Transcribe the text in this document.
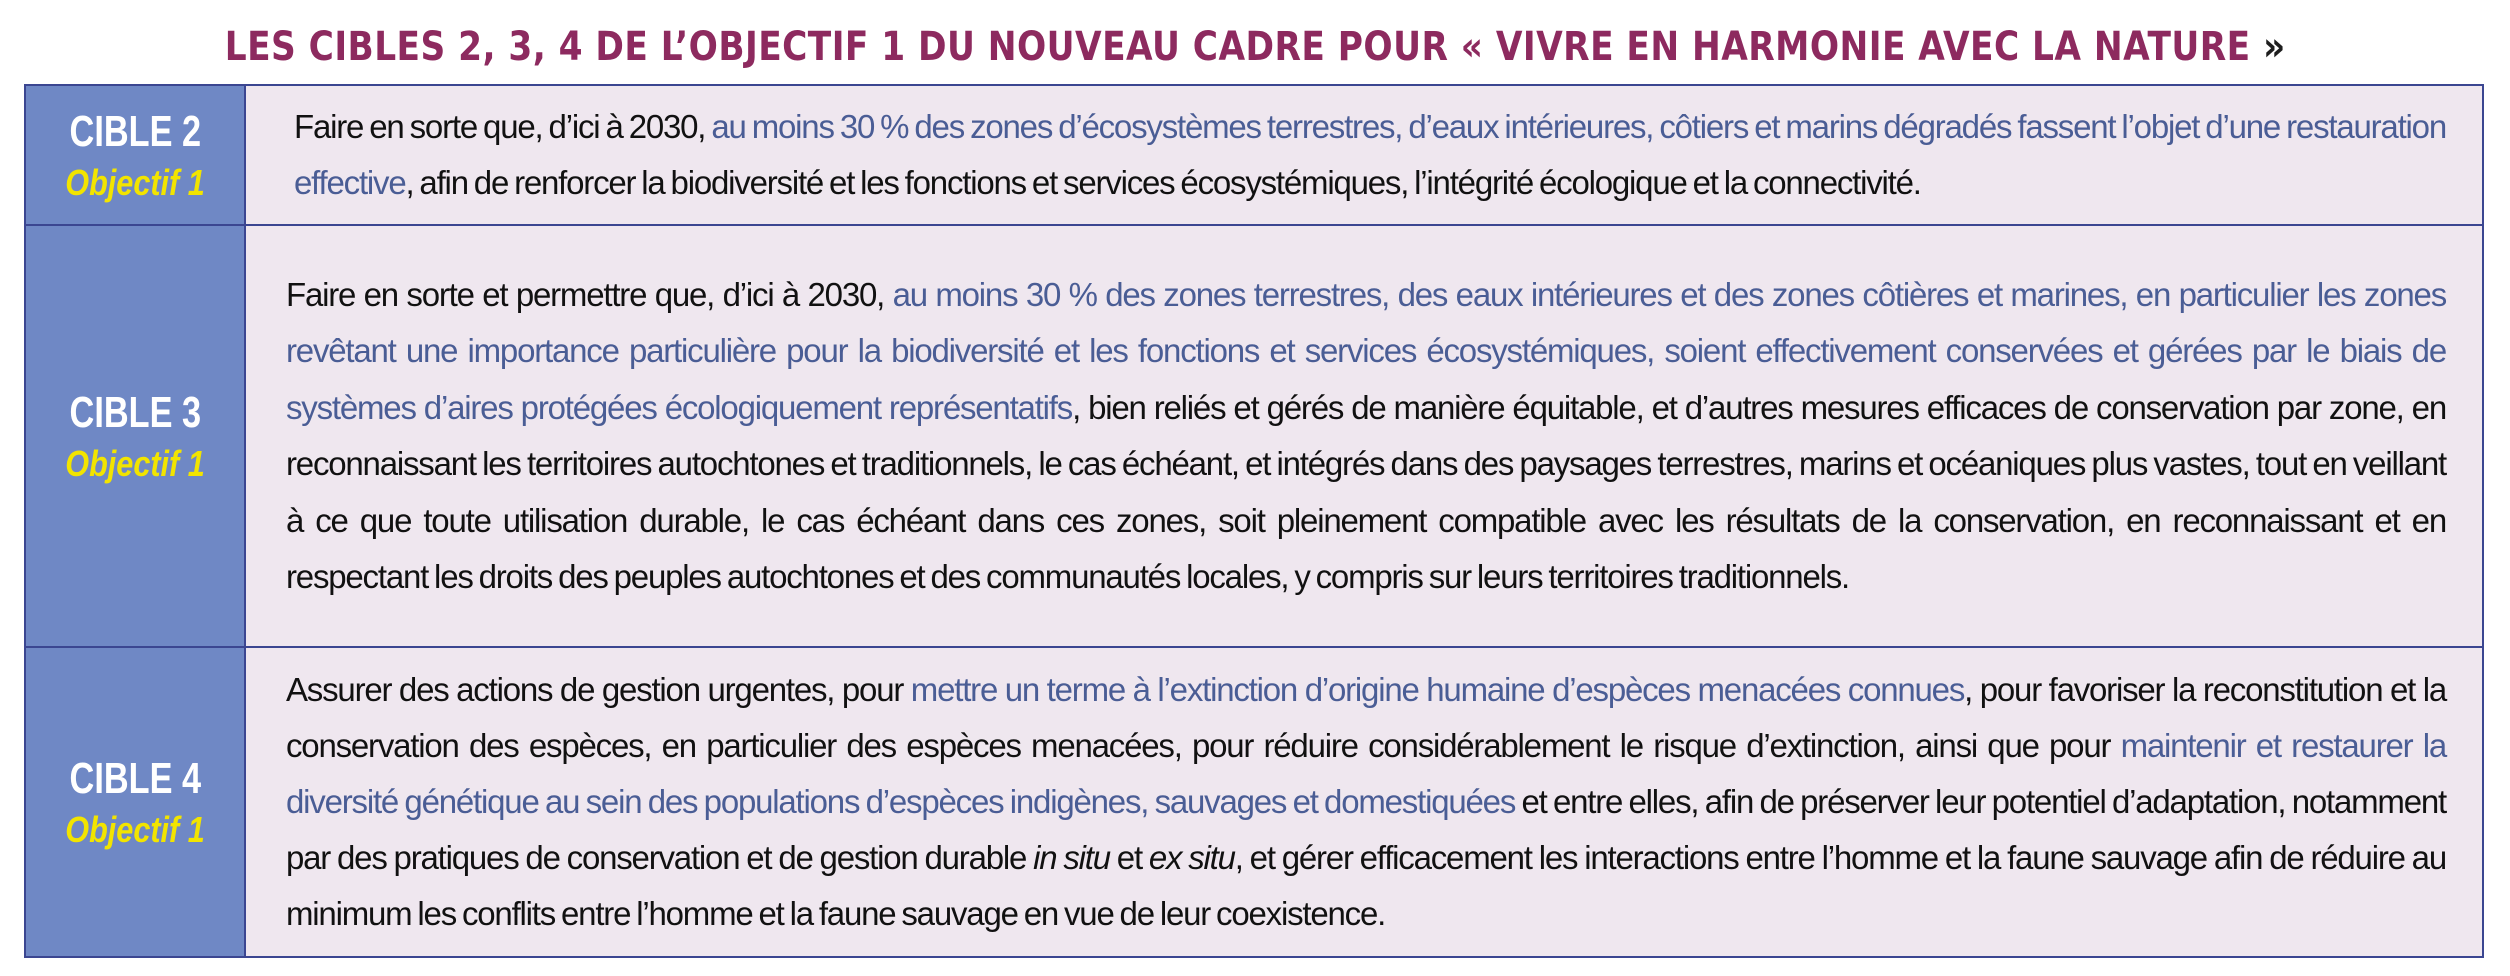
LES CIBLES 2, 3, 4 DE L’OBJECTIF 1 DU NOUVEAU CADRE POUR « VIVRE EN HARMONIE AVEC LA NATURE »
CIBLE 2
Objectif 1
Faire en sorte que, d’ici à 2030, au moins 30 % des zones d’écosystèmes terrestres, d’eaux intérieures, côtiers et marins dégradés fassent l’objet d’une restauration effective, afin de renforcer la biodiversité et les fonctions et services écosystémiques, l’intégrité écologique et la connectivité.
CIBLE 3
Objectif 1
Faire en sorte et permettre que, d’ici à 2030, au moins 30 % des zones terrestres, des eaux intérieures et des zones côtières et marines, en particulier les zones revêtant une importance particulière pour la biodiversité et les fonctions et services écosystémiques, soient effectivement conservées et gérées par le biais de systèmes d’aires protégées écologiquement représentatifs, bien reliés et gérés de manière équitable, et d’autres mesures efficaces de conservation par zone, en reconnaissant les territoires autochtones et traditionnels, le cas échéant, et intégrés dans des paysages terrestres, marins et océaniques plus vastes, tout en veillant à ce que toute utilisation durable, le cas échéant dans ces zones, soit pleinement compatible avec les résultats de la conservation, en reconnaissant et en respectant les droits des peuples autochtones et des communautés locales, y compris sur leurs territoires traditionnels.
CIBLE 4
Objectif 1
Assurer des actions de gestion urgentes, pour mettre un terme à l’extinction d’origine humaine d’espèces menacées connues, pour favoriser la reconstitution et la conservation des espèces, en particulier des espèces menacées, pour réduire considérablement le risque d’extinction, ainsi que pour maintenir et restaurer la diversité génétique au sein des populations d’espèces indigènes, sauvages et domestiquées et entre elles, afin de préserver leur potentiel d’adaptation, notamment par des pratiques de conservation et de gestion durable in situ et ex situ, et gérer efficacement les interactions entre l’homme et la faune sauvage afin de réduire au minimum les conflits entre l’homme et la faune sauvage en vue de leur coexistence.
